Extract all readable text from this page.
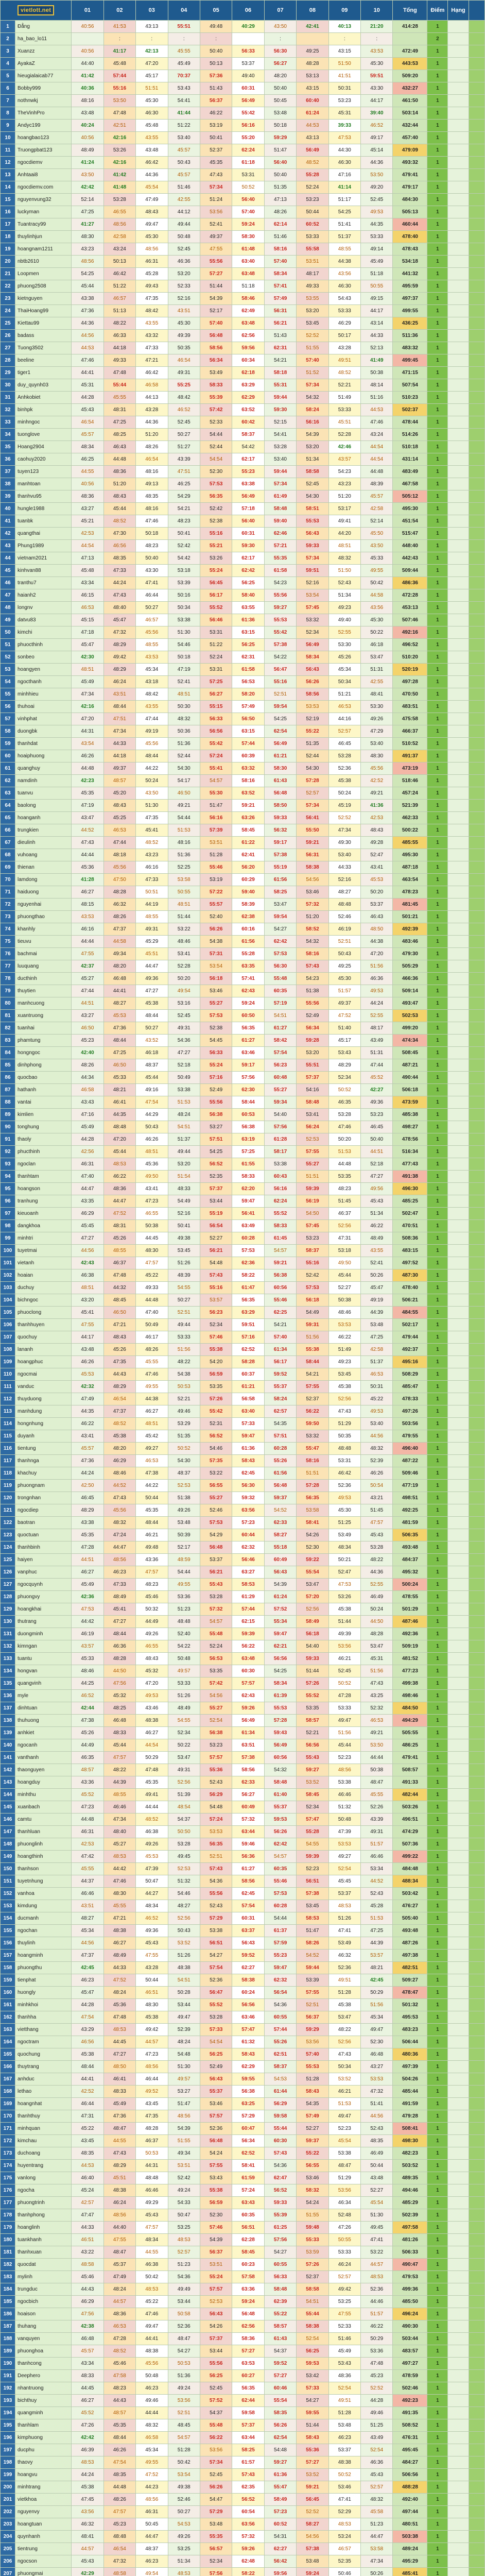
vietlott.net		01	02	03	04	05	06	07	08	09	10	Tổng	Điểm	Hạng	
1	Đẳng	40:56	41:53	43:13	55:51	49:48	40:29	43:50	42:41	40:13	21:20	414:28	1		
2	ha_bao_lo11		:	:	:	:		:		:	:		2		
3	Xuanzz	40:56	41:17	42:13	45:55	50:40	56:33	56:30	49:25	43:15	43:53	472:49	1		
4	AyakaZ	44:40	45:48	47:20	45:49	50:13	53:37	56:27	48:28	51:50	45:30	443:53	1		
5	hieugialaicab77	41:42	57:44	45:17	70:37	57:36	49:40	48:20	53:13	41:51	59:51	509:20	1		
6	Bobby999	40:36	55:16	51:51	53:43	51:43	60:31	50:40	43:15	50:31	43:30	432:27	1		
7	nothnwkj	48:16	53:50	45:30	54:41	56:37	56:49	50:45	60:40	53:23	44:17	461:50	1		
8	TheVinhPro	43:48	47:48	46:30	41:44	46:22	55:42	53:48	61:24	45:31	39:40	503:14	1		
9	Andyc199	40:24	42:51	45:48	51:22	53:19	56:16	50:18	44:53	39:33	46:52	432:44	1		
10	hoangbao123	40:56	42:16	43:55	53:40	50:41	55:20	59:29	43:13	47:53	49:17	457:40	1		
11	Truongpbat123	48:49	53:26	43:48	45:57	52:37	62:24	51:47	56:49	44:30	45:14	479:09	1		
12	ngocdiemv	41:24	42:16	46:42	50:43	45:35	61:18	56:40	48:52	46:30	44:36	493:32	1		
13	Anhtaai8	43:50	41:42	44:36	45:57	47:43	53:31	50:40	55:28	47:16	53:50	479:41	1		
14	ngocdiemv.com	42:42	41:48	45:54	51:46	57:34	50:52	51:35	52:24	41:14	49:20	479:17	1		
15	nguyenvung32	52:14	53:28	47:49	42:55	51:24	56:40	47:13	53:23	51:17	52:45	484:30	1		
16	luckyman	47:25	46:55	48:43	44:12	53:56	57:40	48:26	50:44	54:25	49:53	505:13	1		
17	Tuantracy99	41:27	48:56	49:47	49:44	52:41	59:24	62:14	60:52	51:41	44:35	460:44	1		
18	thuylinhjun	48:30	42:58	45:30	50:48	49:37	58:30	51:46	53:33	51:37	53:33	478:40	1		
19	hoangnam1211	43:23	43:24	48:56	52:45	47:55	61:48	58:16	55:58	48:55	49:14	478:43	1		
20	nbtb2610	48:56	50:13	46:31	46:36	55:56	63:40	57:40	53:51	44:38	45:49	534:18	1		
21	Loopmen	54:25	46:42	45:28	53:20	57:27	63:48	58:34	48:17	43:56	51:18	441:32	1		
22	phuong2508	45:44	51:22	49:43	52:33	51:44	51:18	57:41	49:33	46:30	50:55	495:59	1		
23	kietnguyen	43:38	46:57	47:35	52:16	54:39	58:46	57:49	53:55	54:43	49:15	497:37	1		
24	ThaiHoang99	47:36	51:13	48:42	43:51	52:17	62:49	56:31	53:20	53:33	44:17	499:55	1		
25	Kiettau99	44:36	48:22	43:55	45:30	57:40	63:48	56:21	53:45	46:29	43:14	436:25	1		
26	badass	44:56	46:33	43:32	49:39	56:48	62:56	51:43	52:52	50:17	44:33	511:36	1		
27	Tuong3502	44:53	44:18	47:33	50:35	58:56	59:56	62:31	51:55	43:28	52:13	483:32	1		
28	beeline	47:46	49:33	47:21	46:54	56:34	60:34	54:21	57:40	49:51	41:49	499:45	1		
29	tiger1	44:41	47:48	46:42	49:31	53:49	62:18	58:18	51:52	48:52	50:38	471:15	1		
30	duy_quynh03	45:31	55:44	46:58	55:25	58:33	63:29	55:31	57:34	52:21	48:14	507:54	1		
31	Anhkobiet	44:28	45:55	44:13	48:42	55:39	62:29	59:44	54:32	51:49	51:16	510:23	1		
32	binhpk	45:43	48:31	43:28	46:52	57:42	63:52	59:30	58:24	53:33	44:53	502:37	1		
33	minhngoc	46:54	47:25	44:36	52:45	52:33	60:42	52:15	56:16	45:51	47:46	478:44	1		
34	tuonglove	45:57	48:25	51:20	50:27	54:44	58:37	54:41	54:39	52:28	43:24	514:26	1		
35	Hoang2904	48:34	46:43	48:26	51:27	52:44	54:42	53:28	53:20	42:46	44:54	510:18	1		
36	caohuy2020	46:25	44:48	46:54	43:39	54:54	62:17	53:40	51:34	43:57	44:54	431:14	1		
37	tuyen123	44:55	48:36	48:16	47:51	52:30	55:23	59:44	58:58	54:23	44:48	483:49	1		
38	manhtoan	40:56	51:20	49:13	46:25	57:53	63:38	57:34	52:45	43:23	48:39	467:58	1		
39	thanhvu95	48:36	48:43	48:35	54:29	56:35	56:49	61:49	54:30	51:20	45:57	505:12	1		
40	hungle1988	43:27	45:44	48:16	54:21	52:42	57:18	58:48	58:51	53:17	42:58	495:30	1		
41	tuanbk	45:21	48:52	47:46	48:23	52:38	56:40	59:40	55:53	49:41	52:14	451:54	1		
42	quangthai	42:53	47:30	50:18	50:41	55:16	60:31	62:46	56:43	44:20	45:50	515:47	1		
43	Phung1989	44:54	46:56	48:23	52:42	55:21	59:30	57:21	59:33	48:51	43:50	448:40	1		
44	vietnam2021	47:13	48:35	50:40	54:42	53:26	62:17	55:35	57:34	48:32	45:33	442:43	1		
45	kinhvan88	45:48	47:33	43:30	53:18	55:24	62:42	61:58	59:51	51:50	49:55	509:44	1		
46	tranthu7	43:34	44:24	47:41	53:39	56:45	56:25	54:23	52:16	52:43	50:42	486:36	1		
47	haianh2	46:15	47:43	46:44	50:16	56:17	58:40	55:56	53:54	51:34	44:58	472:28	1		
48	longnv	46:53	48:40	50:27	50:34	55:52	63:55	59:27	57:45	49:23	43:56	453:13	1		
49	datvu83	45:15	45:47	46:57	53:38	56:46	61:36	55:53	53:32	49:40	45:30	507:46	1		
50	kimchi	47:18	47:32	45:56	51:30	53:31	63:15	55:42	52:34	52:55	50:22	492:16	1		
51	phuocthinh	45:47	48:29	48:55	54:46	51:22	56:25	57:38	56:49	53:30	46:18	496:52	1		
52	sonbeo	42:30	49:42	43:53	50:18	52:24	62:31	54:22	58:34	45:26	53:47	510:20	1		
53	hoangyen	48:51	48:29	45:34	47:19	53:31	61:58	56:47	56:43	45:34	51:31	520:19	1		
54	ngocthanh	45:49	46:24	43:18	52:41	57:25	56:53	55:16	56:26	50:34	42:55	497:28	1		
55	minhhieu	47:34	43:51	48:42	48:51	56:27	58:20	52:51	58:56	51:21	48:41	470:50	1		
56	thuhoai	42:16	48:44	43:55	50:30	55:15	57:49	59:54	53:53	46:53	53:30	483:51	1		
57	vinhphat	47:20	47:51	47:44	48:32	56:33	56:50	54:25	52:19	44:16	49:26	475:58	1		
58	duongbk	44:31	47:34	49:19	50:36	56:56	63:15	62:54	55:22	52:57	47:29	466:37	1		
59	thanhdat	43:54	44:33	45:56	51:36	55:42	57:44	56:49	51:35	46:45	53:40	510:52	1		
60	hoaiphuong	46:26	44:18	48:44	52:44	57:24	60:39	61:21	52:44	53:28	48:30	491:37	1		
61	quanghuy	44:48	49:37	44:22	54:30	55:41	63:32	58:30	54:30	52:36	45:56	473:19	1		
62	namdinh	42:23	48:57	50:24	54:17	54:57	58:16	61:43	57:28	45:38	42:52	518:46	1		
63	tuanvu	45:35	45:20	43:50	46:50	55:30	63:52	56:48	52:57	50:24	49:21	457:24	1		
64	baolong	47:19	48:43	51:30	49:21	51:47	59:21	58:50	57:34	45:19	41:36	521:39	1		
65	hoanganh	43:47	45:25	47:35	54:44	56:16	63:26	59:33	56:41	52:52	42:53	462:33	1		
66	trungkien	44:52	46:53	45:41	51:53	57:39	58:45	56:32	55:50	47:34	48:43	500:22	1		
67	dieulinh	47:43	47:44	48:52	48:16	53:51	61:22	59:17	59:21	49:30	49:28	485:55	1		
68	vuhoang	44:44	48:18	43:23	51:36	51:28	62:41	57:38	56:31	53:40	52:47	495:30	1		
69	thienan	45:36	45:56	46:16	52:25	55:46	56:20	55:19	58:38	44:33	43:41	487:18	1		
70	lamdong	41:28	47:50	47:33	53:58	53:19	60:29	61:56	54:56	52:16	45:53	463:54	1		
71	haiduong	46:27	48:28	50:51	50:55	57:22	59:40	58:25	53:46	48:27	50:20	478:23	1		
72	nguyenhai	48:15	46:32	44:19	48:51	55:57	58:39	53:47	57:32	48:48	53:37	481:45	1		
73	phuongthao	43:53	48:26	48:55	51:44	52:40	62:38	59:54	51:20	52:46	46:43	501:21	1		
74	khanhly	46:16	47:37	49:31	53:22	56:26	60:16	54:27	58:52	46:19	48:50	492:39	1		
75	tieuvu	44:44	44:58	45:29	48:46	54:38	61:56	62:42	54:32	52:51	44:38	483:46	1		
76	bachmai	47:55	49:34	45:51	53:41	57:31	55:28	57:53	58:16	50:43	47:20	479:30	1		
77	luuquang	42:37	48:20	44:47	52:28	53:54	63:35	56:30	57:43	49:25	51:56	505:29	1		
78	ducthinh	45:27	46:48	49:36	50:20	56:18	57:41	55:48	54:23	45:30	46:36	466:36	1		
79	thuytien	47:44	44:41	47:27	49:54	53:46	62:43	60:35	51:38	51:57	49:53	509:14	1		
80	manhcuong	44:51	48:27	45:38	53:16	55:27	59:24	57:19	55:56	49:37	44:24	493:47	1		
81	xuantruong	43:27	45:53	48:44	52:45	57:53	60:50	54:51	52:49	47:52	52:55	502:53	1		
82	tuanhai	46:50	47:36	50:27	49:31	52:38	56:35	61:27	56:34	51:40	48:17	499:20	1		
83	phamtung	45:23	48:44	43:52	54:36	54:45	61:27	58:42	59:28	45:17	43:49	474:34	1		
84	hongngoc	42:40	47:25	46:18	47:27	56:33	63:46	57:54	53:20	53:43	51:31	508:45	1		
85	dinhphong	48:26	46:50	48:37	52:18	55:24	59:17	56:23	55:51	48:29	47:44	487:21	1		
86	quocbao	44:34	45:33	45:44	50:49	57:16	57:56	60:48	57:37	52:34	45:52	490:44	1		
87	hathanh	46:58	48:21	49:16	53:38	52:49	62:30	55:27	54:16	50:52	42:27	506:18	1		
88	vantai	43:43	46:41	47:54	51:53	55:56	58:44	59:34	58:48	46:35	49:36	473:59	1		
89	kimlien	47:16	44:35	44:29	48:24	56:38	60:53	54:40	53:41	53:28	53:23	485:38	1		
90	tonghung	45:49	48:48	50:43	54:51	53:27	56:38	57:56	56:24	47:46	46:45	498:27	1		
91	thaoly	44:28	47:20	46:26	51:37	57:51	63:19	61:28	52:53	50:20	50:40	478:56	1		
92	phucthinh	42:56	45:44	48:51	49:44	54:25	57:25	58:17	57:55	51:53	44:51	516:34	1		
93	ngoclan	46:31	48:53	45:36	53:20	56:52	61:55	53:38	55:27	44:48	52:18	477:43	1		
94	thanhtam	47:40	46:22	49:50	51:54	52:35	58:33	60:43	51:51	53:35	47:27	491:38	1		
95	hoangson	44:47	48:36	43:41	48:33	57:37	62:20	56:16	59:39	48:23	49:56	496:30	1		
96	tranhung	43:35	44:47	47:23	54:49	53:44	59:47	62:24	56:19	51:45	45:43	485:25	1		
97	kieuoanh	46:29	47:52	46:55	52:16	55:19	56:41	55:52	54:50	46:37	51:34	502:47	1		
98	dangkhoa	45:45	48:31	50:38	50:41	56:54	63:49	58:33	57:45	52:56	46:22	470:51	1		
99	minhtri	47:27	45:26	44:45	49:38	52:27	60:28	61:45	53:23	47:31	48:49	508:36	1		
100	tuyetmai	44:56	48:55	48:30	53:45	56:21	57:53	54:57	58:37	53:18	43:55	483:15	1		
101	vietanh	42:43	46:37	47:57	51:26	54:48	62:36	59:21	55:16	49:50	52:41	497:52	1		
102	hoaian	46:38	47:48	45:22	48:39	57:43	58:22	56:38	52:42	45:44	50:26	487:30	1		
103	duchuy	48:51	44:32	49:33	54:55	55:16	61:47	60:56	57:53	52:27	45:47	478:40	1		
104	bichngoc	43:20	48:45	44:48	50:27	53:57	56:35	55:46	56:18	50:38	49:19	506:21	1		
105	phuoclong	45:41	46:50	47:40	52:51	56:23	63:29	62:25	54:49	48:46	44:39	484:55	1		
106	thanhhuyen	47:55	47:21	50:49	49:44	52:34	59:51	54:21	59:31	53:53	53:48	502:17	1		
107	quochuy	44:17	48:43	46:17	53:33	57:46	57:16	57:40	51:56	46:22	47:25	479:44	1		
108	lananh	43:48	45:26	48:26	51:56	55:38	62:52	61:34	55:38	51:49	42:58	492:37	1		
109	hoangphuc	46:26	47:35	45:55	48:22	54:20	58:28	56:17	58:44	49:23	51:37	495:16	1		
110	ngocmai	45:53	44:43	47:46	54:38	56:59	60:37	59:52	54:21	53:45	46:53	508:29	1		
111	vanduc	42:32	48:29	49:55	50:53	53:35	61:21	55:37	57:55	45:38	50:31	485:47	1		
112	thuyduong	47:49	46:54	44:38	52:21	57:26	56:58	58:24	52:37	52:56	45:22	478:33	1		
113	manhdung	44:35	47:37	46:27	49:46	55:42	63:40	62:57	56:22	47:43	49:53	497:26	1		
114	hongnhung	46:22	48:52	48:51	53:29	52:31	57:33	54:35	59:50	51:29	53:40	503:56	1		
115	duyanh	43:41	45:38	45:42	51:35	56:52	59:47	57:51	53:32	50:35	44:56	479:55	1		
116	tientung	45:57	48:20	49:27	50:52	54:46	61:36	60:28	55:47	48:48	48:32	496:40	1		
117	thanhnga	47:36	46:29	46:53	54:30	57:35	58:43	55:26	58:16	53:31	52:39	487:22	1		
118	khachuy	44:24	48:46	47:38	48:37	53:22	62:45	61:56	51:51	46:42	46:26	509:46	1		
119	phuongnam	42:50	44:52	44:22	52:53	56:55	56:30	56:48	57:28	52:36	50:54	477:19	1		
120	trongnhan	46:45	47:43	50:44	51:38	55:27	59:32	59:37	56:35	49:53	43:21	498:51	1		
121	ngocdiep	48:29	45:56	45:35	49:26	52:46	63:56	54:52	53:58	45:30	51:45	492:25	1		
122	baotran	43:38	48:32	48:44	53:48	57:53	57:23	62:33	58:41	51:25	47:57	481:59	1		
123	quoctuan	45:35	47:24	46:21	50:39	54:29	60:44	58:27	54:26	53:49	45:43	506:35	1		
124	thanhbinh	47:28	44:47	49:48	52:17	56:48	62:32	55:18	52:30	48:34	53:28	493:48	1		
125	haiyen	44:51	48:56	43:36	48:59	53:37	56:46	60:49	59:22	50:21	48:22	484:37	1		
126	vanphuc	46:27	46:23	47:57	54:44	56:21	63:27	56:43	55:54	52:47	44:36	495:32	1		
127	ngocquynh	45:49	47:33	48:23	49:55	55:43	58:53	54:39	53:47	47:53	52:55	500:24	1		
128	phuongvy	42:36	48:49	45:46	53:36	53:28	61:29	61:24	57:20	53:26	46:49	478:55	1		
129	hoangkhai	47:53	45:41	50:32	51:23	57:32	57:44	57:52	52:56	45:38	50:24	501:29	1		
130	thutrang	44:42	47:27	44:49	48:48	54:57	62:15	55:34	58:49	51:44	44:50	487:46	1		
131	duongminh	46:19	48:44	49:26	52:40	55:48	59:39	59:47	56:18	49:39	48:28	492:36	1		
132	kimngan	43:57	46:36	46:55	54:22	52:24	56:22	62:21	54:40	53:56	53:47	509:19	1		
133	tuantu	45:33	48:28	48:43	50:48	56:53	63:48	56:56	59:33	46:21	45:31	481:52	1		
134	hongvan	48:46	44:50	45:32	49:57	53:35	60:30	54:25	51:44	52:45	51:56	477:23	1		
135	quangvinh	44:25	47:56	47:20	53:33	57:42	57:57	58:34	57:26	50:52	47:43	499:38	1		
136	myle	46:52	45:32	49:53	51:26	54:56	62:43	61:39	55:52	47:28	43:25	498:46	1		
137	dinhtuan	42:44	48:25	43:46	48:49	55:27	59:26	55:53	53:35	53:33	52:32	484:50	1		
138	thuhuong	47:38	46:48	48:38	54:55	52:54	56:49	57:28	58:57	49:47	46:53	494:29	1		
139	anhkiet	45:26	48:33	46:27	52:34	56:38	61:34	59:43	52:21	51:56	49:21	505:55	1		
140	ngocanh	44:49	45:44	44:54	50:22	53:23	63:51	56:49	56:56	45:44	53:50	486:25	1		
141	vanthanh	46:35	47:57	50:29	53:47	57:57	57:38	60:56	55:43	52:23	44:44	479:41	1		
142	thaonguyen	48:57	48:22	47:48	49:31	55:36	58:56	54:32	59:27	48:56	50:38	508:57	1		
143	hoangduy	43:36	44:39	45:35	52:56	52:43	62:33	58:48	53:52	53:38	48:47	491:33	1		
144	minhthu	45:52	48:55	49:41	51:39	56:29	56:27	61:40	58:45	46:46	45:55	482:44	1		
145	xuanbach	47:23	46:46	44:44	48:54	54:48	60:49	55:37	52:34	51:32	52:26	503:26	1		
146	camtu	44:48	47:34	48:52	54:37	57:24	57:32	59:53	57:47	50:48	43:39	496:51	1		
147	thanhluan	46:31	48:40	46:38	50:50	53:53	63:44	56:26	55:28	47:39	49:31	474:29	1		
148	phuonglinh	42:53	45:27	49:26	53:28	56:35	59:46	62:42	54:55	53:53	51:57	507:36	1		
149	hoangthinh	47:42	48:53	45:53	49:45	52:51	56:36	54:57	59:39	49:27	46:46	499:22	1		
150	thanhson	45:55	44:42	47:39	52:53	57:43	61:27	60:35	52:23	52:54	53:34	484:48	1		
151	tuyetnhung	44:37	47:46	50:47	51:32	54:36	58:56	55:46	56:51	45:45	44:52	488:34	1		
152	vanhoa	46:46	48:30	44:27	54:46	55:56	62:45	57:53	57:38	53:37	52:43	503:42	1		
153	kimdung	43:51	45:55	48:34	48:27	52:43	57:54	60:28	53:45	48:53	45:28	476:27	1		
154	ducmanh	48:27	47:21	46:52	52:56	57:29	60:31	54:44	58:53	51:26	51:53	505:40	1		
155	ngochan	45:34	48:38	49:36	50:43	53:38	63:37	61:37	51:47	47:41	47:25	493:48	1		
156	thuylinh	44:56	46:27	45:43	53:52	56:51	56:43	57:59	58:26	53:49	44:39	487:26	1		
157	hoangminh	47:37	48:49	47:55	51:26	54:27	59:52	55:23	54:52	46:32	53:57	497:38	1		
158	phuongthu	42:45	44:33	43:28	48:38	57:54	62:27	59:47	59:44	52:36	48:21	482:51	1		
159	tienphat	46:23	47:52	50:44	54:51	52:36	58:38	62:32	53:39	49:51	42:45	509:27	1		
160	huongly	45:47	48:24	46:51	50:28	56:47	60:24	56:54	57:55	51:28	50:29	478:47	1		
161	minhkhoi	44:28	45:36	48:30	53:44	55:52	56:56	54:36	52:51	45:38	51:56	501:32	1		
162	thanhha	47:54	47:48	45:38	49:47	53:28	63:46	60:55	56:37	53:47	45:34	495:53	1		
163	vietthang	43:29	48:53	49:42	52:39	57:33	57:47	57:44	59:29	48:22	49:47	483:23	1		
164	ngoctram	46:56	44:45	44:57	48:24	54:54	61:32	55:26	53:56	52:56	52:30	506:44	1		
165	quochung	45:38	47:27	47:23	54:48	56:25	58:43	62:51	57:40	47:43	46:48	480:36	1		
166	thuytrang	48:44	48:50	48:56	51:30	52:49	62:29	58:37	55:53	50:34	43:27	497:39	1		
167	anhduc	44:41	46:41	46:44	49:57	56:43	59:55	54:53	51:28	53:52	53:53	504:26	1		
168	lethao	42:52	48:33	49:52	53:27	55:37	56:38	61:44	58:43	46:21	47:32	485:44	1		
169	hoangnhat	46:44	45:49	43:45	51:47	53:46	63:25	56:29	54:35	51:53	51:41	491:59	1		
170	thanhthuy	47:31	47:36	47:35	48:56	57:57	57:29	59:58	57:49	49:47	44:56	479:28	1		
171	minhquan	45:22	48:47	48:28	54:39	52:36	60:47	55:44	52:27	52:23	52:43	508:41	1		
172	kimchau	43:45	44:55	46:37	51:55	56:48	56:34	60:30	59:37	45:54	48:35	498:30	1		
173	duchoang	48:35	47:43	50:53	49:34	54:24	62:52	57:43	55:22	53:38	46:49	482:23	1		
174	huyentrang	44:53	48:29	44:31	53:51	57:55	58:41	54:36	56:55	48:47	50:44	503:52	1		
175	vanlong	46:40	45:51	48:48	52:42	53:43	61:59	62:47	53:46	51:29	43:48	489:35	1		
176	ngocha	45:24	48:38	46:46	49:24	55:38	57:24	56:52	58:32	53:56	52:27	494:46	1		
177	phuongtrinh	42:57	46:24	49:29	54:33	56:59	63:43	59:33	54:24	46:34	45:54	485:29	1		
178	thanhphong	47:47	48:56	45:43	50:47	52:30	60:35	55:39	51:55	52:48	51:30	502:39	1		
179	hoanglinh	44:33	44:40	47:57	53:25	57:46	56:51	61:25	59:48	47:26	49:45	497:58	1		
180	tuankhanh	46:51	47:55	48:34	48:53	54:39	62:28	57:56	55:33	50:55	47:41	481:26	1		
181	thanhxuan	43:22	48:47	44:55	52:57	56:37	58:45	54:27	53:59	53:33	53:22	506:33	1		
182	quocdat	48:58	45:37	46:38	51:23	53:51	60:23	60:55	57:26	46:24	44:57	490:47	1		
183	mylinh	45:46	47:49	50:42	54:36	55:24	57:58	56:33	52:37	52:57	48:53	479:53	1		
184	trungduc	44:43	48:24	48:53	49:49	57:57	63:36	58:48	58:58	49:42	52:36	499:36	1		
185	ngocbich	46:29	44:57	45:22	53:44	52:53	59:24	62:39	54:51	53:25	44:46	485:50	1		
186	hoaison	47:56	48:36	47:46	50:58	56:43	56:48	55:22	55:44	47:55	51:57	496:24	1		
187	thuhang	42:38	46:53	49:47	52:36	54:26	62:56	58:57	58:38	52:33	46:22	490:30	1		
188	vanquyen	46:48	47:28	44:41	48:47	57:37	58:36	61:43	52:54	51:46	50:29	503:44	1		
189	phuonghoa	45:57	48:52	48:38	54:27	53:44	57:27	54:37	56:25	45:49	53:36	483:57	1		
190	thanhcong	43:34	45:46	45:56	50:53	55:56	63:53	59:52	59:53	53:43	47:48	497:27	1		
191	Deephero	48:33	47:58	50:48	51:36	56:25	60:27	57:27	53:42	48:36	45:23	478:59	1		
192	nhantruong	44:45	48:23	46:23	49:24	52:45	56:35	60:46	57:33	52:54	52:52	502:46	1		
193	bichthuy	46:27	44:43	49:46	53:56	57:52	62:44	55:54	54:27	49:51	44:28	492:23	1		
194	quangminh	45:52	48:57	44:44	52:51	54:37	59:58	58:35	59:55	51:28	49:46	491:35	1		
195	thanhlam	47:26	45:35	48:32	48:45	55:48	57:37	56:26	51:44	53:48	51:25	508:52	1		
196	kimphuong	42:42	48:44	46:58	54:57	56:22	63:44	62:54	58:43	46:23	43:49	476:31	1		
197	ducphu	46:39	46:26	45:34	51:28	53:56	58:25	54:48	55:36	53:37	52:54	495:45	1		
198	thaovy	48:53	47:54	49:55	50:42	57:34	61:57	59:27	57:27	48:38	46:36	484:27	1		
199	hoangvu	44:24	48:35	47:52	53:54	52:45	57:43	61:36	53:52	50:52	45:43	506:56	1		
200	minhtrang	45:38	44:48	44:23	49:38	56:26	62:35	55:47	59:21	53:46	52:57	488:28	1		
201	vietkhoa	47:45	48:26	48:56	52:46	54:47	56:52	58:49	56:45	47:41	48:32	492:40	1		
202	nguyenvy	43:56	47:57	46:31	50:27	57:29	60:54	57:23	52:52	52:29	45:58	497:44	1		
203	hoangtuan	46:32	45:23	50:45	54:53	53:48	63:56	60:52	58:27	48:53	51:23	480:51	1		
204	quynhanh	48:41	48:48	44:47	49:26	55:35	57:32	54:31	54:56	53:24	44:47	503:38	1		
205	tientrung	44:57	46:54	48:37	53:25	56:57	59:26	62:27	57:38	46:57	53:58	489:24	1		
206	ngocson	45:43	47:32	46:23	51:34	52:34	62:48	56:42	53:48	52:35	47:34	495:29	1		
207	phuongmai	42:29	48:58	49:54	48:53	57:56	58:22	59:56	59:24	50:46	50:26	485:41	1		
